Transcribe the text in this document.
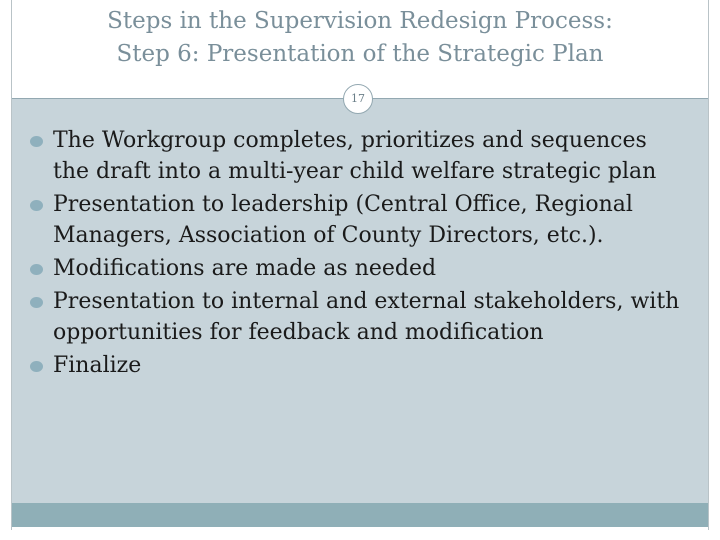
Steps in the Supervision Redesign Process:
Step 6: Presentation of the Strategic Plan
The Workgroup completes, prioritizes and sequences the draft into a multi-year child welfare strategic plan
Presentation to leadership (Central Office, Regional Managers, Association of County Directors, etc.).
Modifications are made as needed
Presentation to internal and external stakeholders, with opportunities for feedback and modification
Finalize
17
